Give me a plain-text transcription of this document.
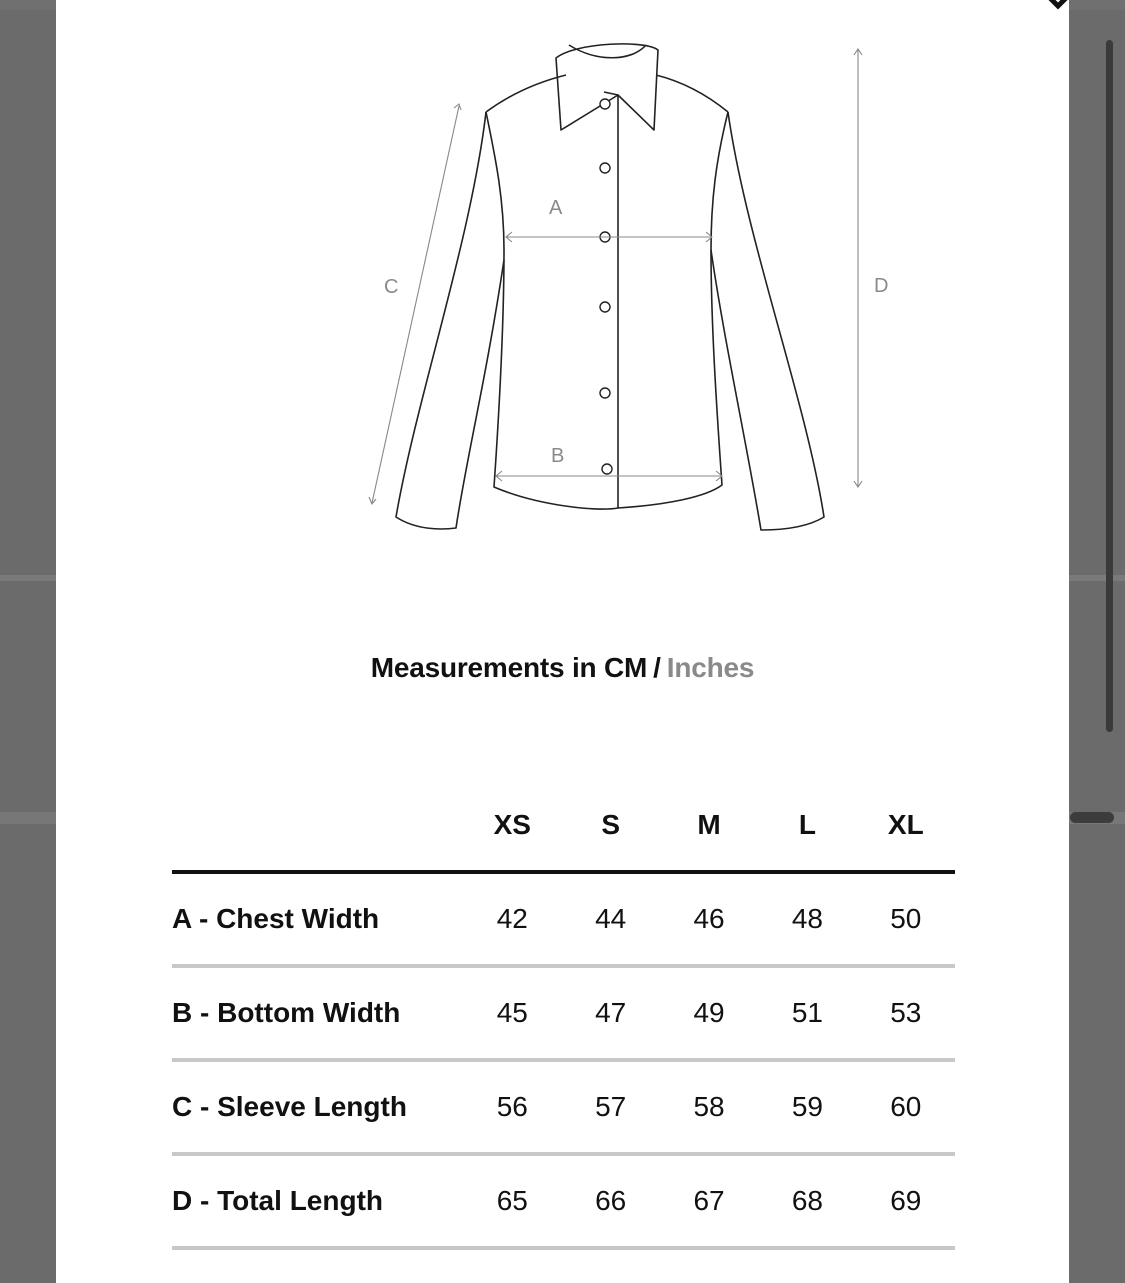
A
B
C	D
Measurements in CM / Inches
	XS	S	M	L	XL
A - Chest Width	42	44	46	48	50
B - Bottom Width	45	47	49	51	53
C - Sleeve Length	56	57	58	59	60
D - Total Length	65	66	67	68	69
